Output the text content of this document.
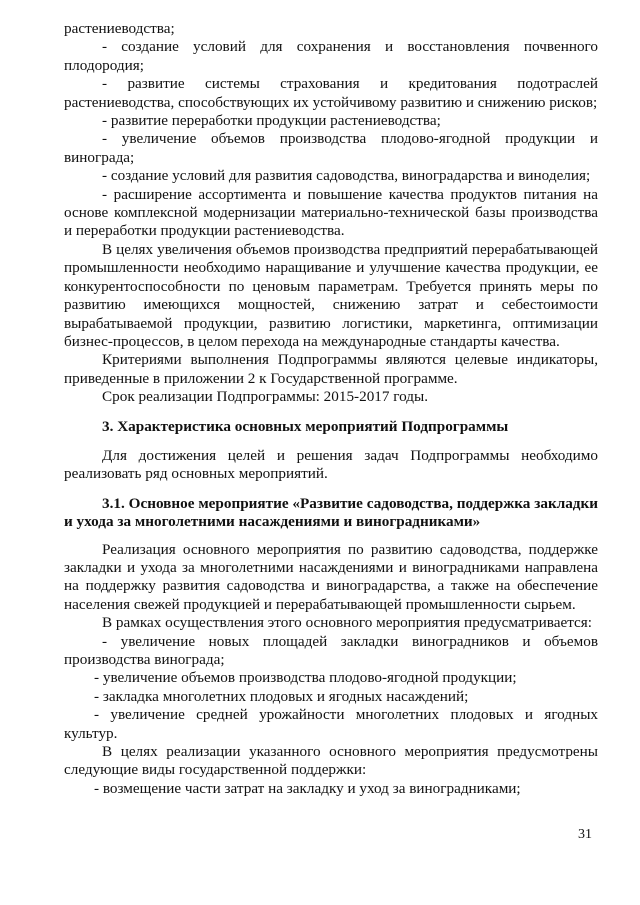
растениеводства;

- создание условий для сохранения и восстановления почвенного плодородия;

- развитие системы страхования и кредитования подотраслей растениеводства, способствующих их устойчивому развитию и снижению рисков;

- развитие переработки продукции растениеводства;

- увеличение объемов производства плодово-ягодной продукции и винограда;

- создание условий для развития садоводства, виноградарства и виноделия;

- расширение ассортимента и повышение качества продуктов питания на основе комплексной модернизации материально-технической базы производства и переработки продукции растениеводства.

В целях увеличения объемов производства предприятий перерабатывающей промышленности необходимо наращивание и улучшение качества продукции, ее конкурентоспособности по ценовым параметрам. Требуется принять меры по развитию имеющихся мощностей, снижению затрат и себестоимости вырабатываемой продукции, развитию логистики, маркетинга, оптимизации бизнес-процессов, в целом перехода на международные стандарты качества.

Критериями выполнения Подпрограммы являются целевые индикаторы, приведенные в приложении 2 к Государственной программе.

Срок реализации Подпрограммы: 2015-2017 годы.

3. Характеристика основных мероприятий Подпрограммы

Для достижения целей и решения задач Подпрограммы необходимо реализовать ряд основных мероприятий.

3.1. Основное мероприятие «Развитие садоводства, поддержка закладки и ухода за многолетними насаждениями и виноградниками»

Реализация основного мероприятия по развитию садоводства, поддержке закладки и ухода за многолетними насаждениями и виноградниками направлена на поддержку развития садоводства и виноградарства, а также на обеспечение населения свежей продукцией и перерабатывающей промышленности сырьем.

В рамках осуществления этого основного мероприятия предусматривается:

- увеличение новых площадей закладки виноградников и объемов производства винограда;

- увеличение объемов производства плодово-ягодной продукции;

- закладка многолетних плодовых и ягодных насаждений;

- увеличение средней урожайности многолетних плодовых и ягодных культур.

В целях реализации указанного основного мероприятия предусмотрены следующие виды государственной поддержки:

- возмещение части затрат на закладку и уход за виноградниками;

31
